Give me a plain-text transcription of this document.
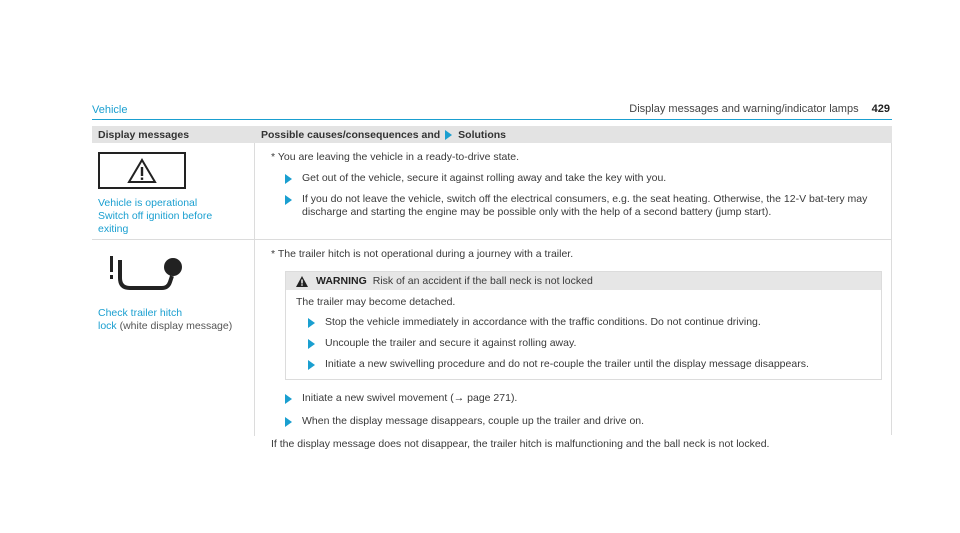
Display messages and warning/indicator lamps 429
Vehicle
Display messages	Possible causes/consequences and Solutions
Vehicle is operational
Switch off ignition before
exiting
* You are leaving the vehicle in a ready-to-drive state.
Get out of the vehicle, secure it against rolling away and take the key with you.
If you do not leave the vehicle, switch off the electrical consumers, e.g. the seat heating. Otherwise, the 12-V bat-tery may discharge and starting the engine may be possible only with the help of a second battery (jump start).
Check trailer hitch
lock (white display message)
* The trailer hitch is not operational during a journey with a trailer.
WARNING Risk of an accident if the ball neck is not locked
The trailer may become detached.
Stop the vehicle immediately in accordance with the traffic conditions. Do not continue driving.
Uncouple the trailer and secure it against rolling away.
Initiate a new swivelling procedure and do not re-couple the trailer until the display message disappears.
Initiate a new swivel movement (→ page 271).
When the display message disappears, couple up the trailer and drive on.
If the display message does not disappear, the trailer hitch is malfunctioning and the ball neck is not locked.
